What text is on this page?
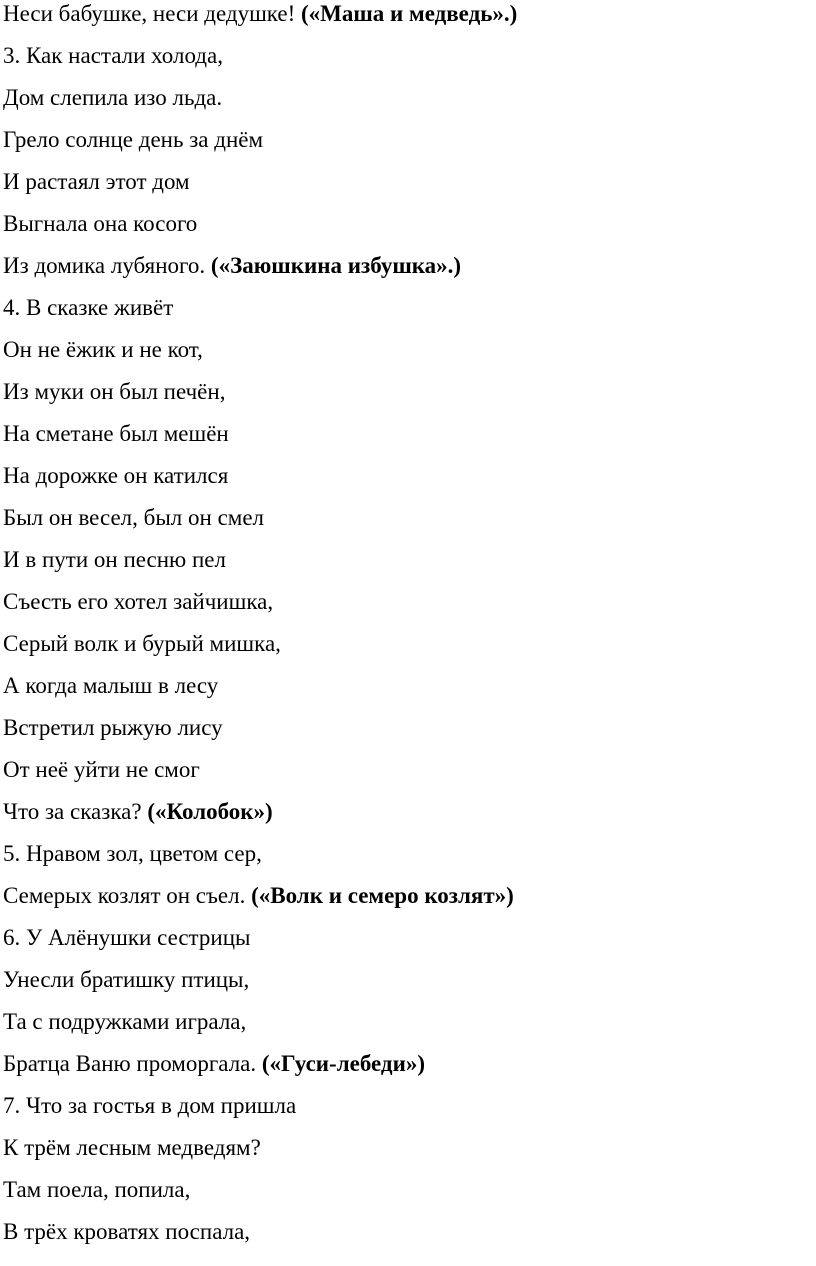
Неси бабушке, неси дедушке! («Маша и медведь».)
3. Как настали холода,
Дом слепила изо льда.
Грело солнце день за днём
И растаял этот дом
Выгнала она косого
Из домика лубяного. («Заюшкина избушка».)
4. В сказке живёт
Он не ёжик и не кот,
Из муки он был печён,
На сметане был мешён
На дорожке он катился
Был он весел, был он смел
И в пути он песню пел
Съесть его хотел зайчишка,
Серый волк и бурый мишка,
А когда малыш в лесу
Встретил рыжую лису
От неё уйти не смог
Что за сказка? («Колобок»)
5. Нравом зол, цветом сер,
Семерых козлят он съел. («Волк и семеро козлят»)
6. У Алёнушки сестрицы
Унесли братишку птицы,
Та с подружками играла,
Братца Ваню проморгала. («Гуси-лебеди»)
7. Что за гостья в дом пришла
К трём лесным медведям?
Там поела, попила,
В трёх кроватях поспала,
